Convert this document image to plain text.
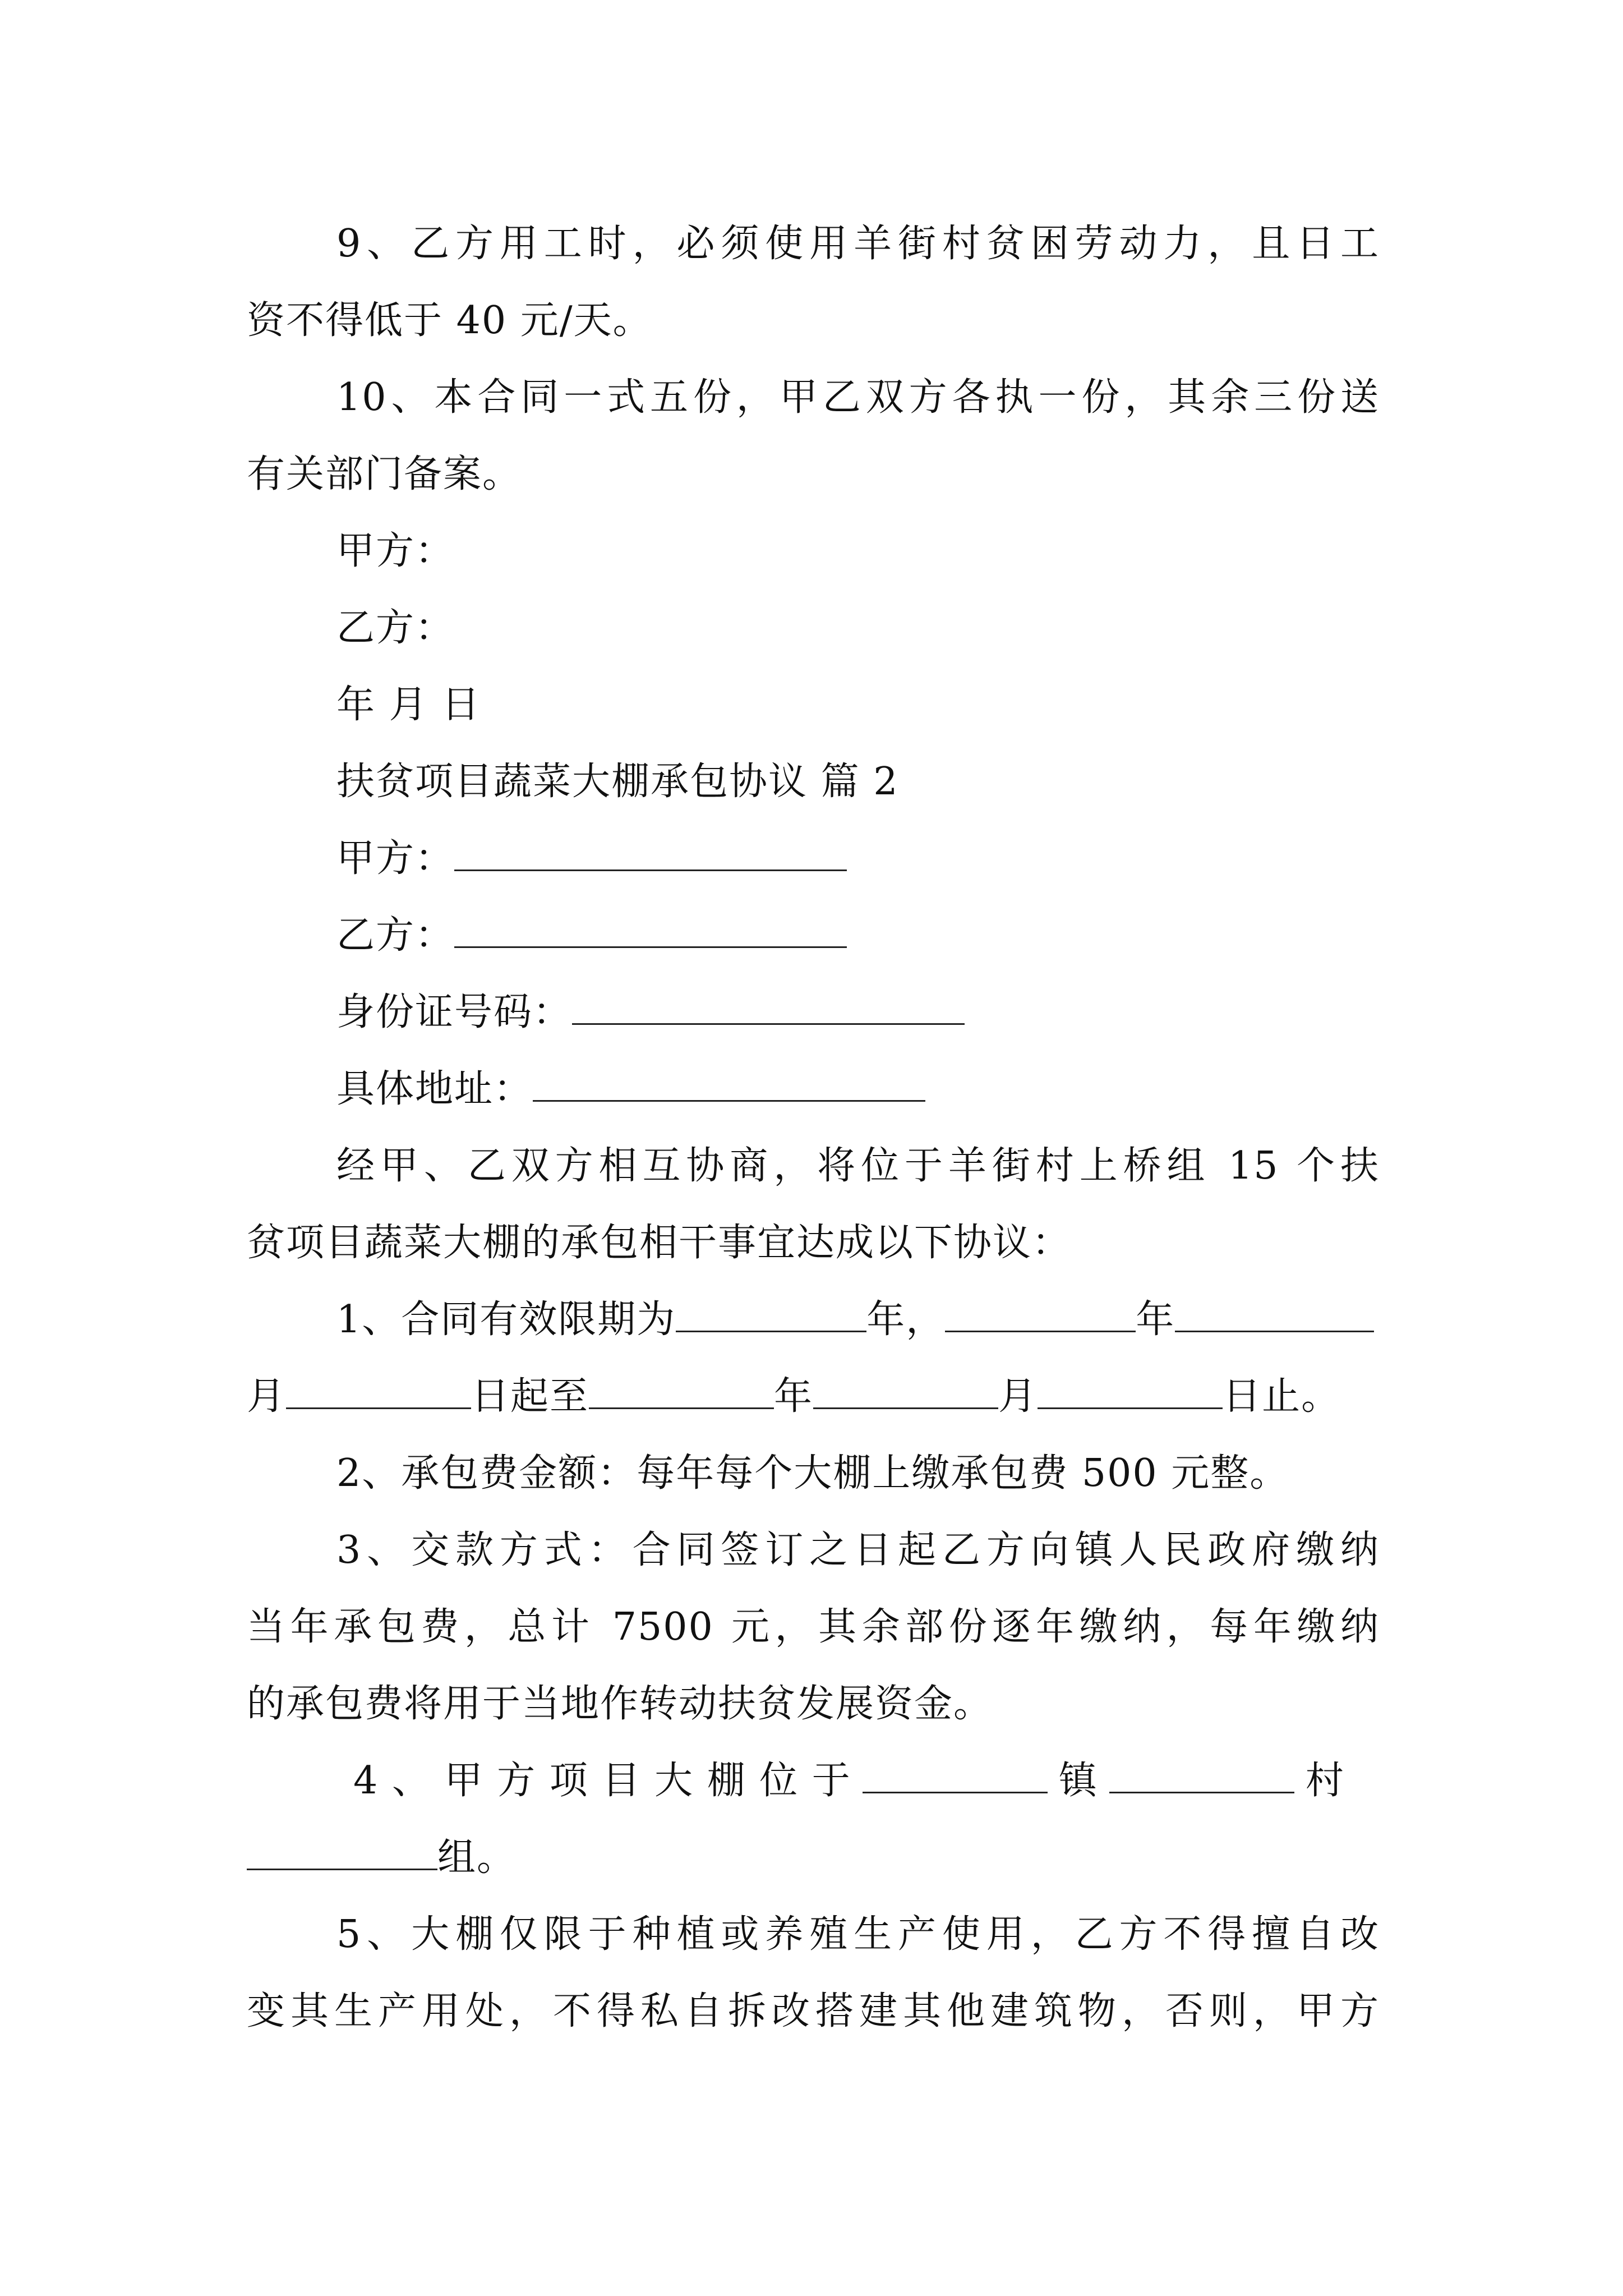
9、乙方用工时，必须使用羊街村贫困劳动力，且日工
资不得低于 40 元/天。
10、本合同一式五份，甲乙双方各执一份，其余三份送
有关部门备案。
甲方：
乙方：
年 月 日
扶贫项目蔬菜大棚承包协议 篇 2
甲方：
乙方：
身份证号码：
具体地址：
经甲、乙双方相互协商，将位于羊街村上桥组 15 个扶
贫项目蔬菜大棚的承包相干事宜达成以下协议：
1、合同有效限期为	年，	年
月	日起至	年	月	日止。
2、承包费金额：每年每个大棚上缴承包费 500 元整。
3、交款方式：合同签订之日起乙方向镇人民政府缴纳
当年承包费，总计 7500 元，其余部份逐年缴纳，每年缴纳
的承包费将用于当地作转动扶贫发展资金。
4 、 甲 方 项 目 大 棚 位 于	镇	村
组。
5、大棚仅限于种植或养殖生产使用，乙方不得擅自改
变其生产用处，不得私自拆改搭建其他建筑物，否则，甲方
